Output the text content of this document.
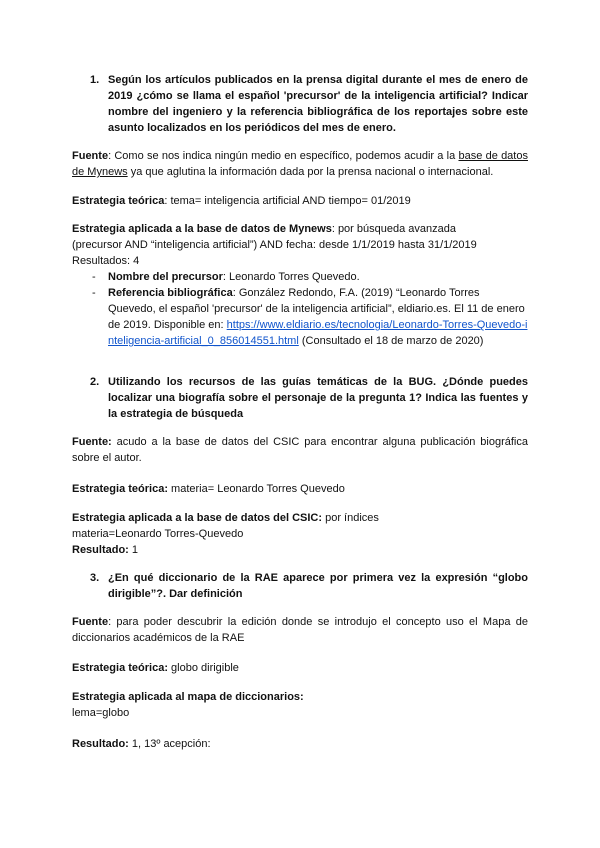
1. Según los artículos publicados en la prensa digital durante el mes de enero de 2019 ¿cómo se llama el español 'precursor' de la inteligencia artificial? Indicar nombre del ingeniero y la referencia bibliográfica de los reportajes sobre este asunto localizados en los periódicos del mes de enero.
Fuente: Como se nos indica ningún medio en específico, podemos acudir a la base de datos de Mynews ya que aglutina la información dada por la prensa nacional o internacional.
Estrategia teórica: tema= inteligencia artificial AND tiempo= 01/2019
Estrategia aplicada a la base de datos de Mynews: por búsqueda avanzada
(precursor AND “inteligencia artificial”) AND fecha: desde 1/1/2019 hasta 31/1/2019
Resultados: 4
- Nombre del precursor: Leonardo Torres Quevedo.
- Referencia bibliográfica: González Redondo, F.A. (2019) “Leonardo Torres Quevedo, el español 'precursor' de la inteligencia artificial”, eldiario.es. El 11 de enero de 2019. Disponible en: https://www.eldiario.es/tecnologia/Leonardo-Torres-Quevedo-inteligencia-artificial_0_856014551.html (Consultado el 18 de marzo de 2020)
2. Utilizando los recursos de las guías temáticas de la BUG. ¿Dónde puedes localizar una biografía sobre el personaje de la pregunta 1? Indica las fuentes y la estrategia de búsqueda
Fuente: acudo a la base de datos del CSIC para encontrar alguna publicación biográfica sobre el autor.
Estrategia teórica: materia= Leonardo Torres Quevedo
Estrategia aplicada a la base de datos del CSIC: por índices
materia=Leonardo Torres-Quevedo
Resultado: 1
3. ¿En qué diccionario de la RAE aparece por primera vez la expresión “globo dirigible”?. Dar definición
Fuente: para poder descubrir la edición donde se introdujo el concepto uso el Mapa de diccionarios académicos de la RAE
Estrategia teórica: globo dirigible
Estrategia aplicada al mapa de diccionarios:
lema=globo
Resultado: 1, 13º acepción:
